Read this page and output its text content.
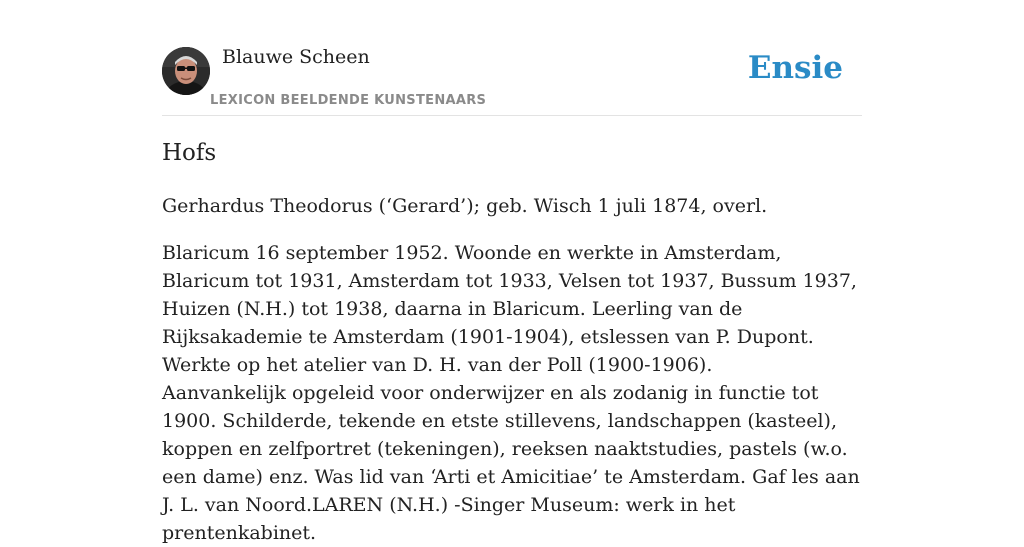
Blauwe Scheen
LEXICON BEELDENDE KUNSTENAARS
Ensie
Hofs

Gerhardus Theodorus (‘Gerard’); geb. Wisch 1 juli 1874, overl.

Blaricum 16 september 1952. Woonde en werkte in Amsterdam, Blaricum tot 1931, Amsterdam tot 1933, Velsen tot 1937, Bussum 1937, Huizen (N.H.) tot 1938, daarna in Blaricum. Leerling van de Rijksakademie te Amsterdam (1901-1904), etslessen van P. Dupont. Werkte op het atelier van D. H. van der Poll (1900-1906).

Aanvankelijk opgeleid voor onderwijzer en als zodanig in functie tot 1900. Schilderde, tekende en etste stillevens, landschappen (kasteel), koppen en zelfportret (tekeningen), reeksen naaktstudies, pastels (w.o. een dame) enz. Was lid van ‘Arti et Amicitiae’ te Amsterdam. Gaf les aan J. L. van Noord.LAREN (N.H.) -Singer Museum: werk in het prentenkabinet.
